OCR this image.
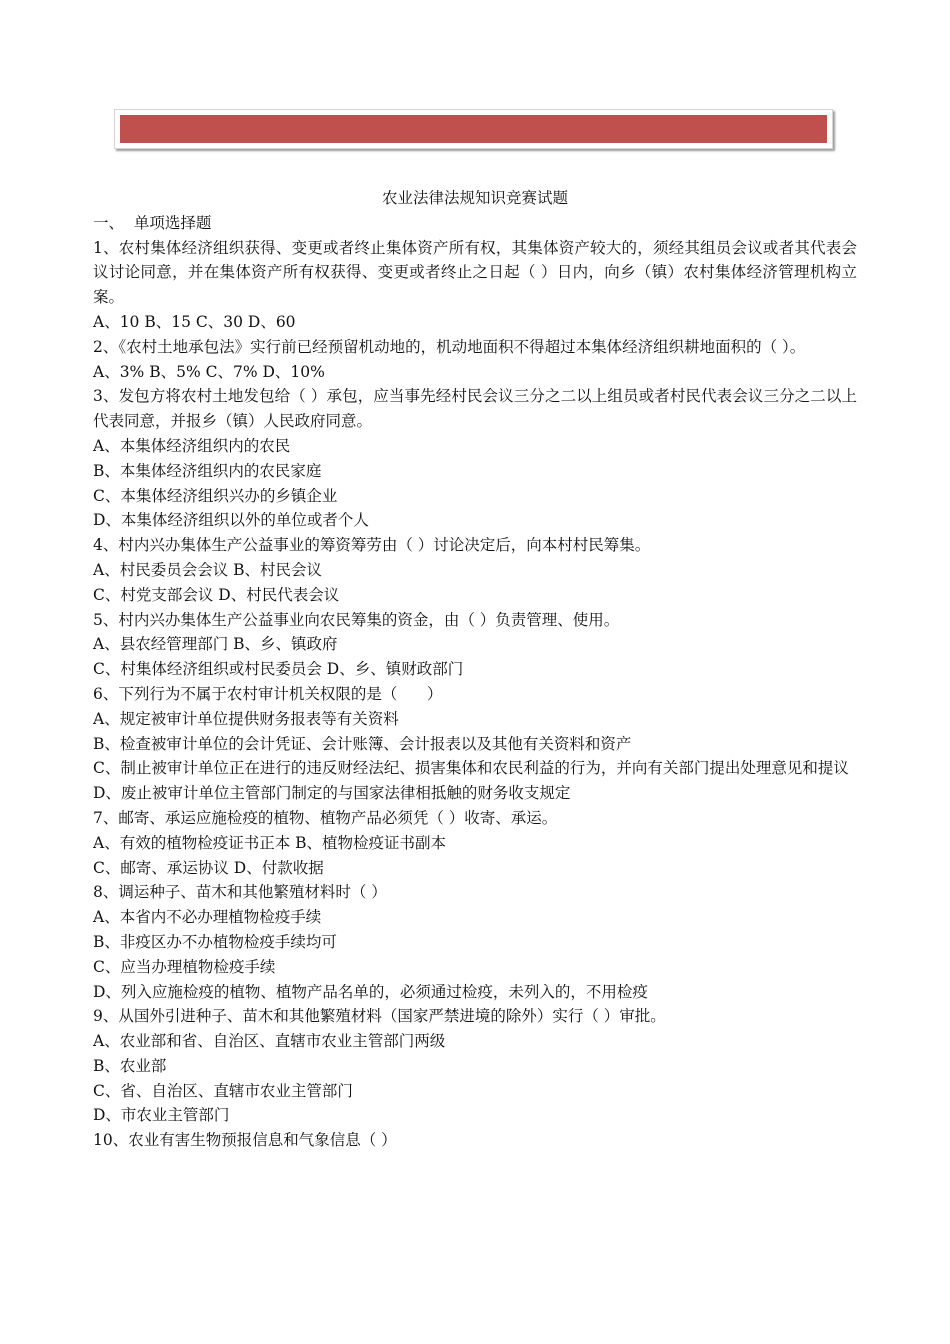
农业法律法规知识竞赛试题

一、  单项选择题

1、农村集体经济组织获得、变更或者终止集体资产所有权，其集体资产较大的，须经其组员会议或者其代表会议讨论同意，并在集体资产所有权获得、变更或者终止之日起（ ）日内，向乡（镇）农村集体经济管理机构立案。

A、10 B、15 C、30 D、60

2、《农村土地承包法》实行前已经预留机动地的，机动地面积不得超过本集体经济组织耕地面积的（ ）。

A、3% B、5% C、7% D、10%

3、发包方将农村土地发包给（ ）承包，应当事先经村民会议三分之二以上组员或者村民代表会议三分之二以上代表同意，并报乡（镇）人民政府同意。

A、本集体经济组织内的农民

B、本集体经济组织内的农民家庭

C、本集体经济组织兴办的乡镇企业

D、本集体经济组织以外的单位或者个人

4、村内兴办集体生产公益事业的筹资筹劳由（ ）讨论决定后，向本村村民筹集。

A、村民委员会会议 B、村民会议

C、村党支部会议 D、村民代表会议

5、村内兴办集体生产公益事业向农民筹集的资金，由（ ）负责管理、使用。

A、县农经管理部门 B、乡、镇政府

C、村集体经济组织或村民委员会 D、乡、镇财政部门

6、下列行为不属于农村审计机关权限的是（      ）

A、规定被审计单位提供财务报表等有关资料

B、检查被审计单位的会计凭证、会计账簿、会计报表以及其他有关资料和资产

C、制止被审计单位正在进行的违反财经法纪、损害集体和农民利益的行为，并向有关部门提出处理意见和提议

D、废止被审计单位主管部门制定的与国家法律相抵触的财务收支规定

7、邮寄、承运应施检疫的植物、植物产品必须凭（ ）收寄、承运。

A、有效的植物检疫证书正本 B、植物检疫证书副本

C、邮寄、承运协议 D、付款收据

8、调运种子、苗木和其他繁殖材料时（ ）

A、本省内不必办理植物检疫手续

B、非疫区办不办植物检疫手续均可

C、应当办理植物检疫手续

D、列入应施检疫的植物、植物产品名单的，必须通过检疫，未列入的，不用检疫

9、从国外引进种子、苗木和其他繁殖材料（国家严禁进境的除外）实行（ ）审批。

A、农业部和省、自治区、直辖市农业主管部门两级

B、农业部

C、省、自治区、直辖市农业主管部门

D、市农业主管部门

10、农业有害生物预报信息和气象信息（ ）
